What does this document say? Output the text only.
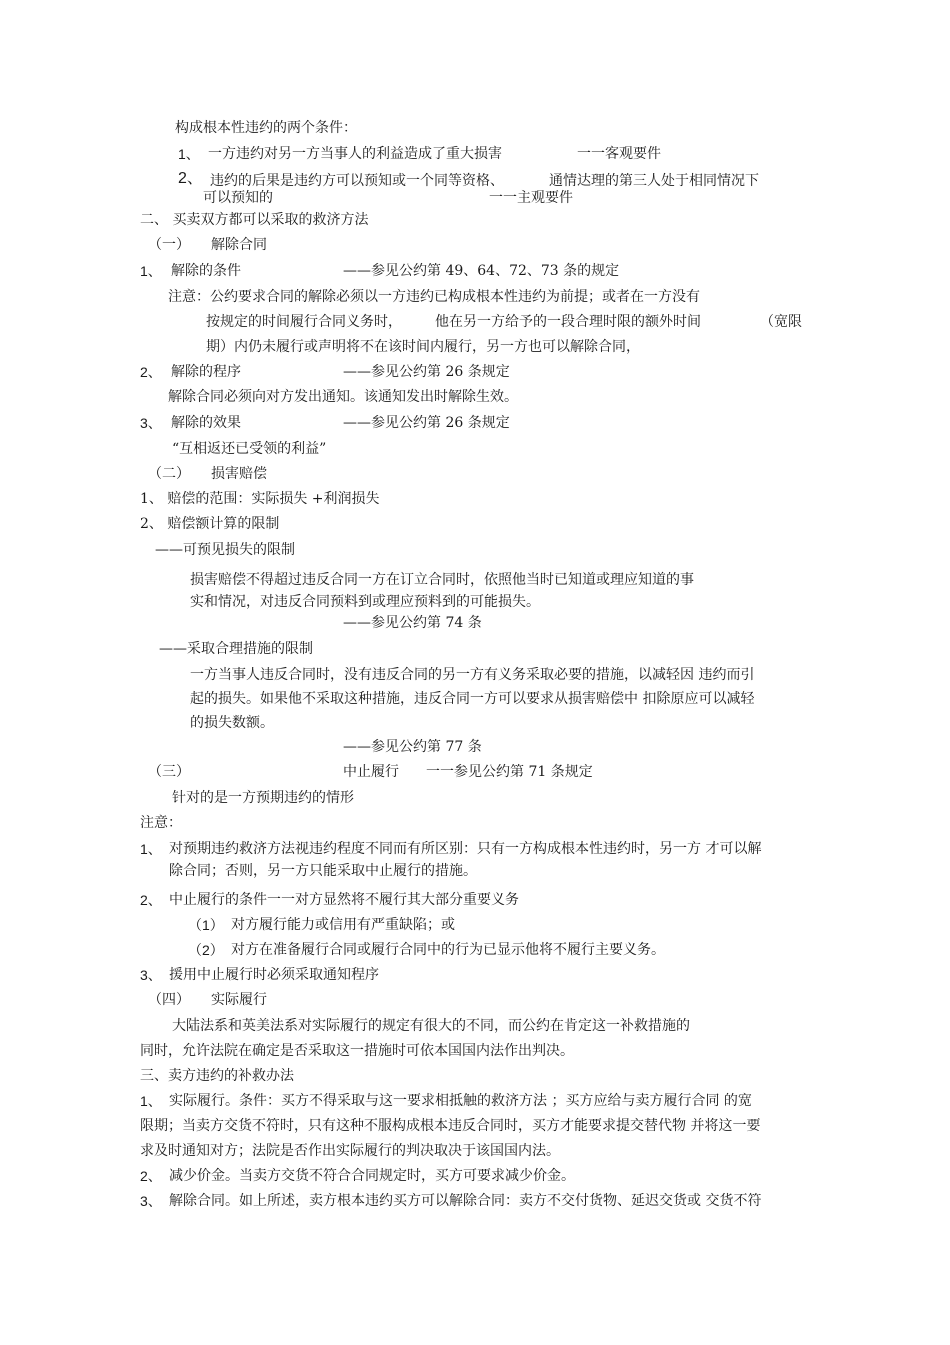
构成根本性违约的两个条件：
1、 一方违约对另一方当事人的利益造成了重大损害	一一客观要件
2、 违约的后果是违约方可以预知或一个同等资格、	通情达理的第三人处于相同情况下
可以预知的	一一主观要件
二、 买卖双方都可以采取的救济方法
（一） 解除合同
1、 解除的条件	——参见公约第 49、64、72、73 条的规定
注意：公约要求合同的解除必须以一方违约已构成根本性违约为前提；或者在一方没有
按规定的时间履行合同义务时， 他在另一方给予的一段合理时限的额外时间	（宽限
期）内仍未履行或声明将不在该时间内履行，另一方也可以解除合同，
2、 解除的程序	——参见公约第 26 条规定
解除合同必须向对方发出通知。该通知发出时解除生效。
3、 解除的效果	——参见公约第 26 条规定
“互相返还已受领的利益”
（二） 损害赔偿
1、 赔偿的范围：实际损失 +利润损失
2、 赔偿额计算的限制
——可预见损失的限制
损害赔偿不得超过违反合同一方在订立合同时，依照他当时已知道或理应知道的事
实和情况，对违反合同预料到或理应预料到的可能损失。
——参见公约第 74 条
——采取合理措施的限制
一方当事人违反合同时，没有违反合同的另一方有义务采取必要的措施，以减轻因 违约而引
起的损失。如果他不采取这种措施，违反合同一方可以要求从损害赔偿中 扣除原应可以减轻
的损失数额。
——参见公约第 77 条
（三）	中止履行 一一参见公约第 71 条规定
针对的是一方预期违约的情形
注意：
1、 对预期违约救济方法视违约程度不同而有所区别：只有一方构成根本性违约时，另一方 才可以解
除合同；否则，另一方只能采取中止履行的措施。
2、 中止履行的条件一一对方显然将不履行其大部分重要义务
（1） 对方履行能力或信用有严重缺陷；或
（2） 对方在准备履行合同或履行合同中的行为已显示他将不履行主要义务。
3、 援用中止履行时必须采取通知程序
（四） 实际履行
大陆法系和英美法系对实际履行的规定有很大的不同，而公约在肯定这一补救措施的
同时，允许法院在确定是否采取这一措施时可依本国国内法作出判决。
三、卖方违约的补救办法
1、 实际履行。条件：买方不得采取与这一要求相抵触的救济方法 ；买方应给与卖方履行合同 的宽
限期；当卖方交货不符时，只有这种不服构成根本违反合同时，买方才能要求提交替代物 并将这一要
求及时通知对方；法院是否作出实际履行的判决取决于该国国内法。
2、 减少价金。当卖方交货不符合合同规定时，买方可要求减少价金。
3、 解除合同。如上所述，卖方根本违约买方可以解除合同：卖方不交付货物、延迟交货或 交货不符
